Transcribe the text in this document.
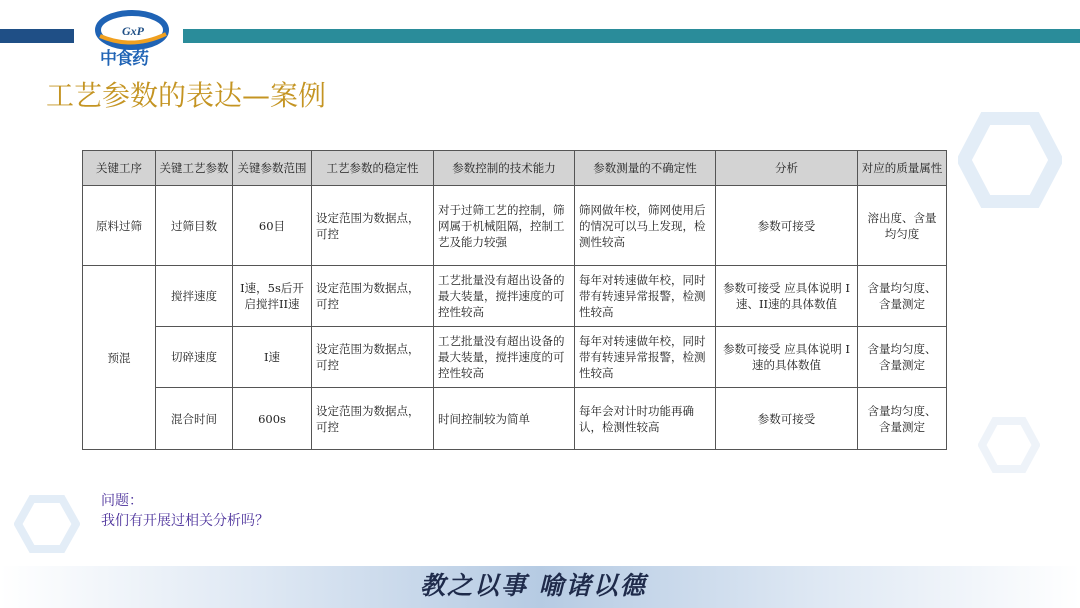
GxP
中食药
工艺参数的表达—案例
关键工序	关键工艺参数	关键参数范围	工艺参数的稳定性	参数控制的技术能力	参数测量的不确定性	分析	对应的质量属性
原料过筛	过筛目数	60目	设定范围为数据点，可控	对于过筛工艺的控制，筛网属于机械阻隔，控制工艺及能力较强	筛网做年校，筛网使用后的情况可以马上发现，检测性较高	参数可接受	溶出度、含量均匀度
预混	搅拌速度	I速，5s后开启搅拌II速	设定范围为数据点，可控	工艺批量没有超出设备的最大装量，搅拌速度的可控性较高	每年对转速做年校，同时带有转速异常报警，检测性较高	参数可接受 应具体说明 I速、II速的具体数值	含量均匀度、含量测定
	切碎速度	I速	设定范围为数据点，可控	工艺批量没有超出设备的最大装量，搅拌速度的可控性较高	每年对转速做年校，同时带有转速异常报警，检测性较高	参数可接受 应具体说明 I速的具体数值	含量均匀度、含量测定
	混合时间	600s	设定范围为数据点，可控	时间控制较为简单	每年会对计时功能再确认，检测性较高	参数可接受	含量均匀度、含量测定
问题：
我们有开展过相关分析吗？
教之以事 喻诸以德
